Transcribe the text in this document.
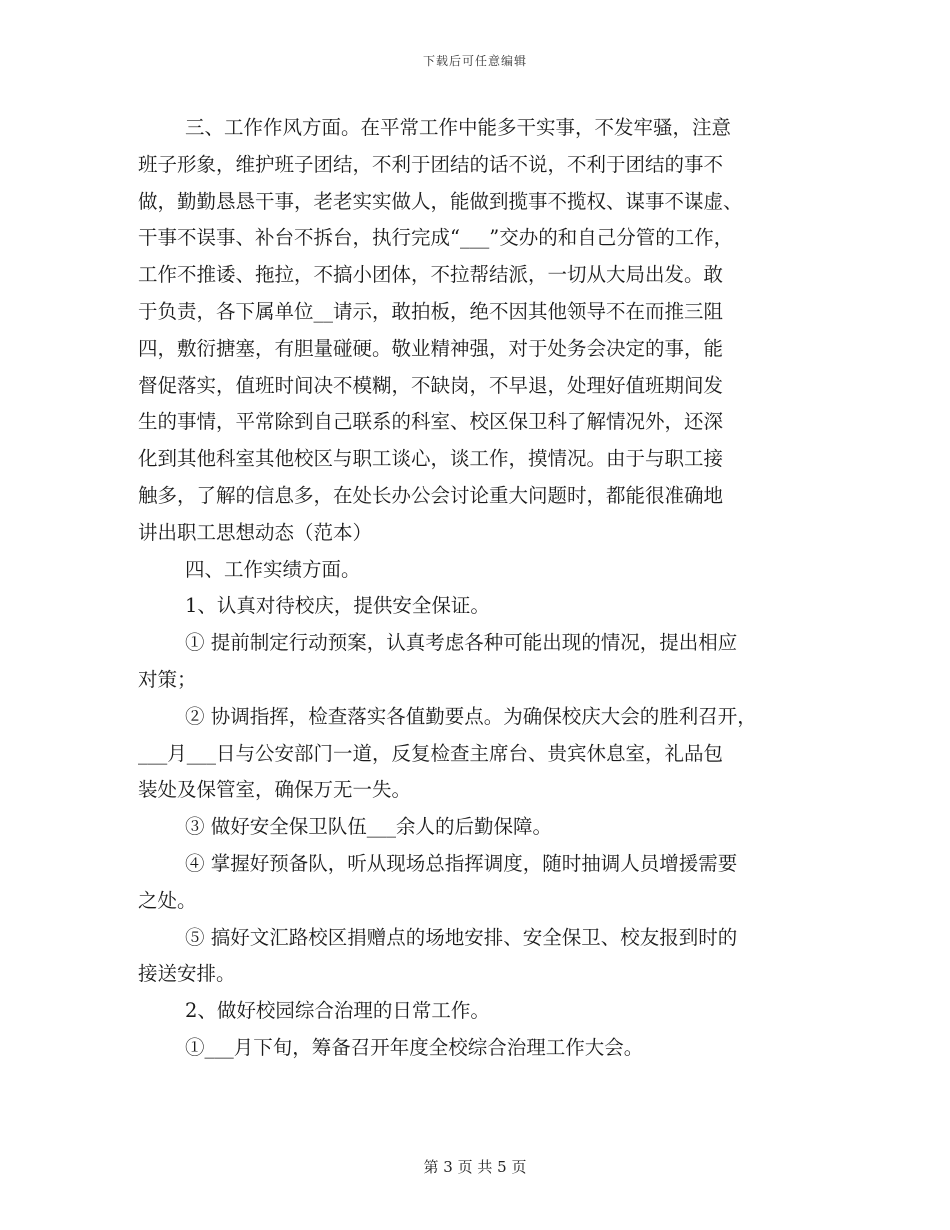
下载后可任意编辑
三、工作作风方面。在平常工作中能多干实事，不发牢骚，注意
班子形象，维护班子团结，不利于团结的话不说，不利于团结的事不
做，勤勤恳恳干事，老老实实做人，能做到揽事不揽权、谋事不谋虚、
干事不误事、补台不拆台，执行完成“___”交办的和自己分管的工作，
工作不推诿、拖拉，不搞小团体，不拉帮结派，一切从大局出发。敢
于负责，各下属单位__请示，敢拍板，绝不因其他领导不在而推三阻
四，敷衍搪塞，有胆量碰硬。敬业精神强，对于处务会决定的事，能
督促落实，值班时间决不模糊，不缺岗，不早退，处理好值班期间发
生的事情，平常除到自己联系的科室、校区保卫科了解情况外，还深
化到其他科室其他校区与职工谈心，谈工作，摸情况。由于与职工接
触多，了解的信息多，在处长办公会讨论重大问题时，都能很准确地
讲出职工思想动态（范本）
四、工作实绩方面。
1、认真对待校庆，提供安全保证。
① 提前制定行动预案，认真考虑各种可能出现的情况，提出相应
对策；
② 协调指挥，检查落实各值勤要点。为确保校庆大会的胜利召开，
___月___日与公安部门一道，反复检查主席台、贵宾休息室，礼品包
装处及保管室，确保万无一失。
③ 做好安全保卫队伍___余人的后勤保障。
④ 掌握好预备队，听从现场总指挥调度，随时抽调人员增援需要
之处。
⑤ 搞好文汇路校区捐赠点的场地安排、安全保卫、校友报到时的
接送安排。
2、做好校园综合治理的日常工作。
①___月下旬，筹备召开年度全校综合治理工作大会。
第 3 页 共 5 页
